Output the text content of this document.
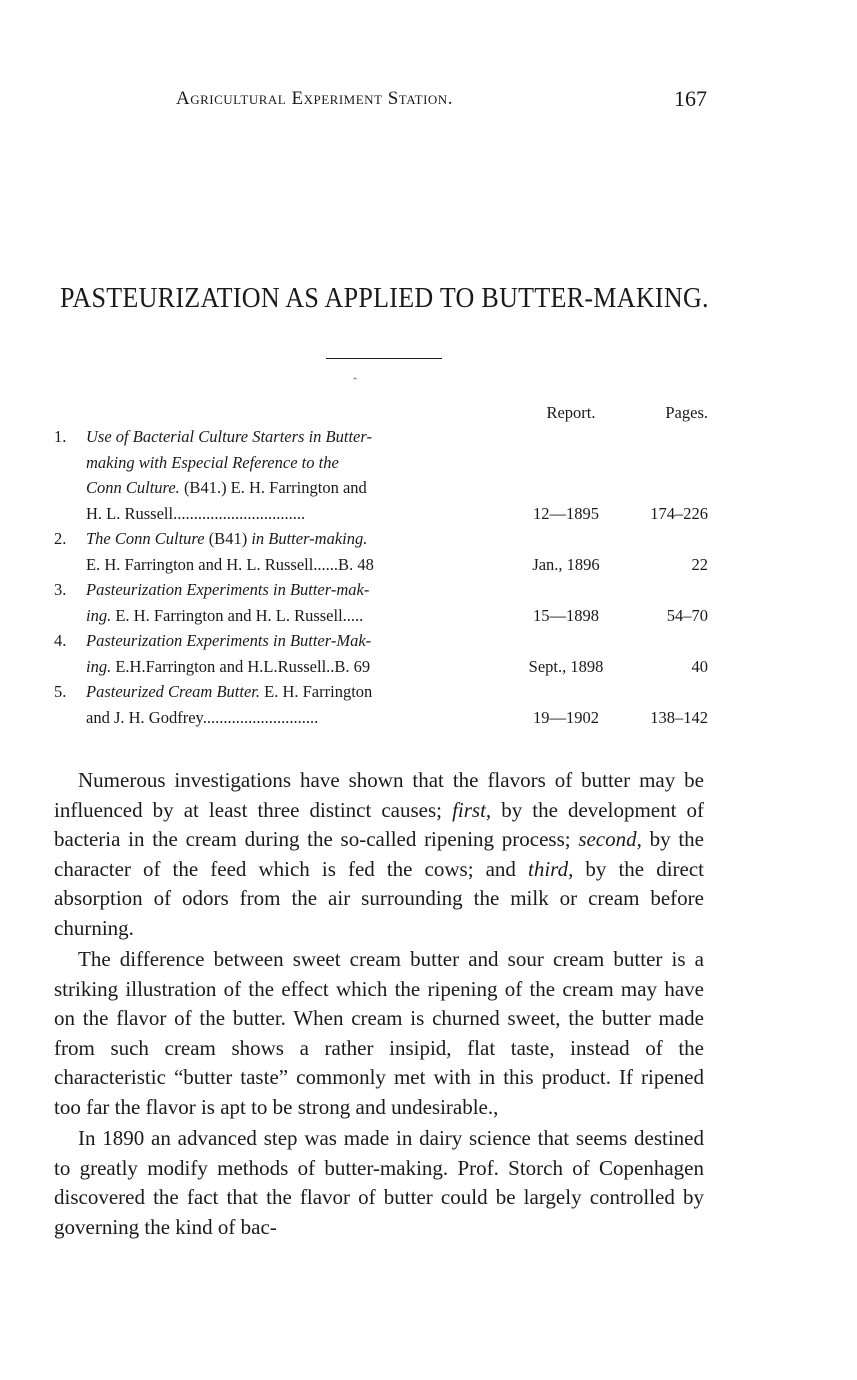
Agricultural Experiment Station.	167
PASTEURIZATION AS APPLIED TO BUTTER-MAKING.
ꞈ
Report.	Pages.
1. Use of Bacterial Culture Starters in Butter-
making with Especial Reference to the
Conn Culture. (B41.) E. H. Farrington and
H. L. Russell................................	12—1895	174–226
2. The Conn Culture (B41) in Butter-making.
E. H. Farrington and H. L. Russell......B. 48	Jan., 1896	22
3. Pasteurization Experiments in Butter-mak-
ing. E. H. Farrington and H. L. Russell.....	15—1898	54–70
4. Pasteurization Experiments in Butter-Mak-
ing. E.H.Farrington and H.L.Russell..B. 69	Sept., 1898	40
5. Pasteurized Cream Butter. E. H. Farrington
and J. H. Godfrey............................	19—1902	138–142

Numerous investigations have shown that the flavors of butter may be influenced by at least three distinct causes; first, by the development of bacteria in the cream during the so-called ripening process; second, by the character of the feed which is fed the cows; and third, by the direct absorption of odors from the air surrounding the milk or cream before churning.

The difference between sweet cream butter and sour cream butter is a striking illustration of the effect which the ripening of the cream may have on the flavor of the butter. When cream is churned sweet, the butter made from such cream shows a rather insipid, flat taste, instead of the characteristic “butter taste” commonly met with in this product. If ripened too far the flavor is apt to be strong and undesirable.,

In 1890 an advanced step was made in dairy science that seems destined to greatly modify methods of butter-making. Prof. Storch of Copenhagen discovered the fact that the flavor of butter could be largely controlled by governing the kind of bac-
